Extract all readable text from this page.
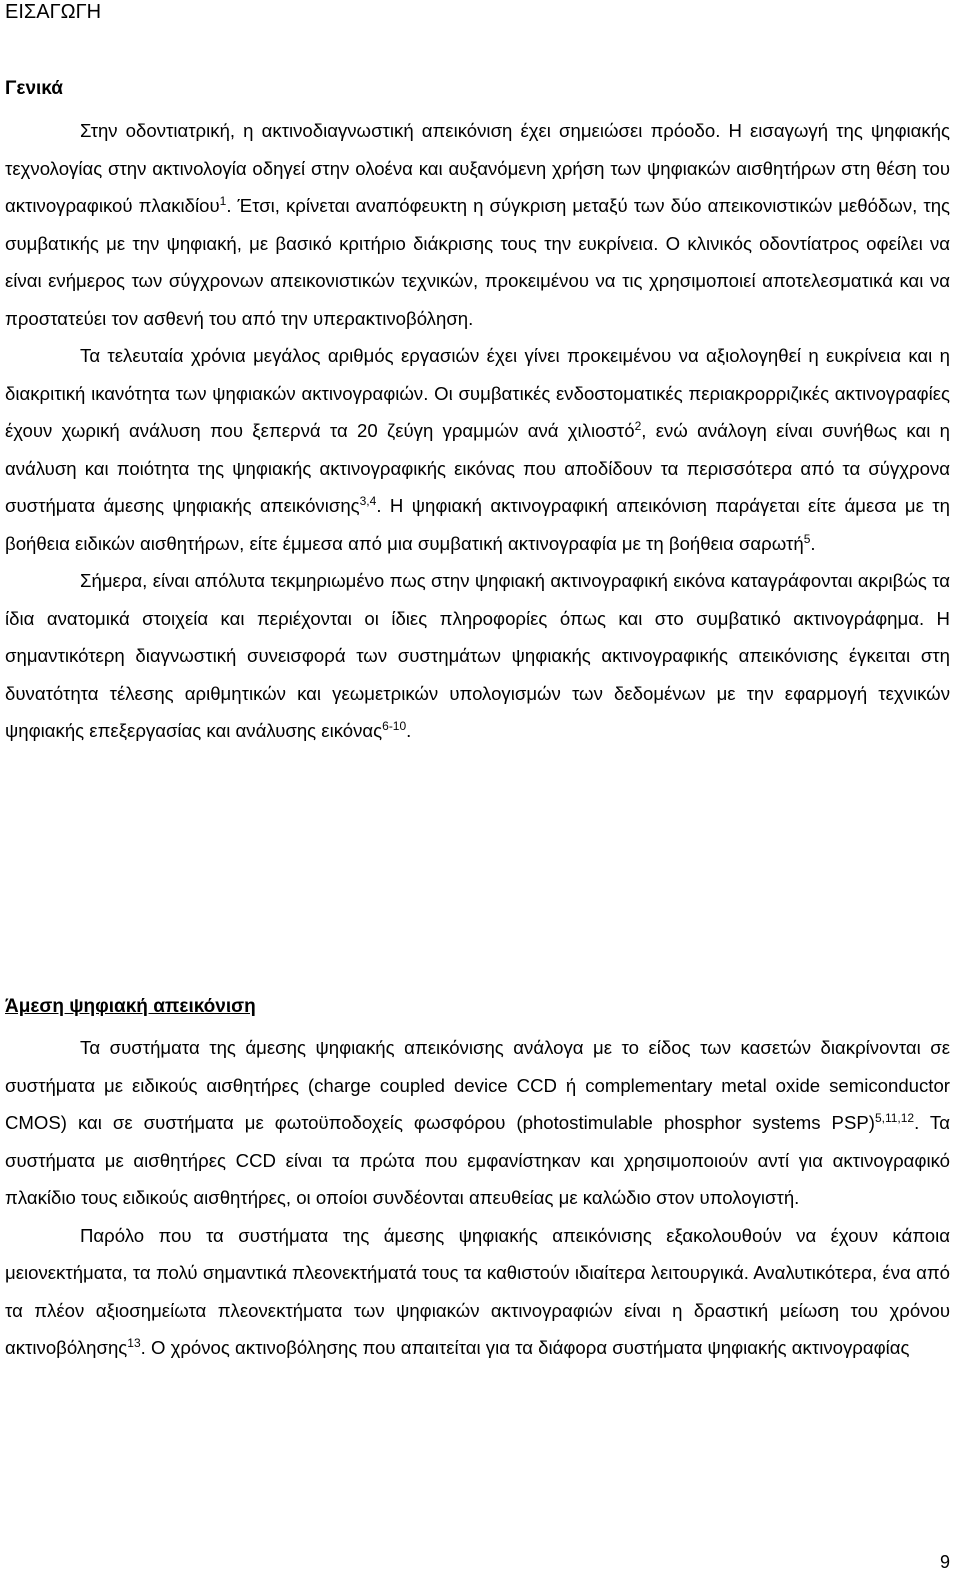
ΕΙΣΑΓΩΓΗ
Γενικά

Στην οδοντιατρική, η ακτινοδιαγνωστική απεικόνιση έχει σημειώσει πρόοδο. Η εισαγωγή της ψηφιακής τεχνολογίας στην ακτινολογία οδηγεί στην ολοένα και αυξανόμενη χρήση των ψηφιακών αισθητήρων στη θέση του ακτινογραφικού πλακιδίου$^1$. Έτσι, κρίνεται αναπόφευκτη η σύγκριση μεταξύ των δύο απεικονιστικών μεθόδων, της συμβατικής με την ψηφιακή, με βασικό κριτήριο διάκρισης τους την ευκρίνεια. Ο κλινικός οδοντίατρος οφείλει να είναι ενήμερος των σύγχρονων απεικονιστικών τεχνικών, προκειμένου να τις χρησιμοποιεί αποτελεσματικά και να προστατεύει τον ασθενή του από την υπερακτινοβόληση.

Τα τελευταία χρόνια μεγάλος αριθμός εργασιών έχει γίνει προκειμένου να αξιολογηθεί η ευκρίνεια και η διακριτική ικανότητα των ψηφιακών ακτινογραφιών. Οι συμβατικές ενδοστοματικές περιακρορριζικές ακτινογραφίες έχουν χωρική ανάλυση που ξεπερνά τα 20 ζεύγη γραμμών ανά χιλιοστό$^2$, ενώ ανάλογη είναι συνήθως και η ανάλυση και ποιότητα της ψηφιακής ακτινογραφικής εικόνας που αποδίδουν τα περισσότερα από τα σύγχρονα συστήματα άμεσης ψηφιακής απεικόνισης$^{3,4}$. Η ψηφιακή ακτινογραφική απεικόνιση παράγεται είτε άμεσα με τη βοήθεια ειδικών αισθητήρων, είτε έμμεσα από μια συμβατική ακτινογραφία με τη βοήθεια σαρωτή$^5$.

Σήμερα, είναι απόλυτα τεκμηριωμένο πως στην ψηφιακή ακτινογραφική εικόνα καταγράφονται ακριβώς τα ίδια ανατομικά στοιχεία και περιέχονται οι ίδιες πληροφορίες όπως και στο συμβατικό ακτινογράφημα. Η σημαντικότερη διαγνωστική συνεισφορά των συστημάτων ψηφιακής ακτινογραφικής απεικόνισης έγκειται στη δυνατότητα τέλεσης αριθμητικών και γεωμετρικών υπολογισμών των δεδομένων με την εφαρμογή τεχνικών ψηφιακής επεξεργασίας και ανάλυσης εικόνας$^{6-10}$.

Άμεση ψηφιακή απεικόνιση

Τα συστήματα της άμεσης ψηφιακής απεικόνισης ανάλογα με το είδος των κασετών διακρίνονται σε συστήματα με ειδικούς αισθητήρες (charge coupled device CCD ή complementary metal oxide semiconductor CMOS) και σε συστήματα με φωτοϋποδοχείς φωσφόρου (photostimulable phosphor systems PSP)$^{5,11,12}$. Τα συστήματα με αισθητήρες CCD είναι τα πρώτα που εμφανίστηκαν και χρησιμοποιούν αντί για ακτινογραφικό πλακίδιο τους ειδικούς αισθητήρες, οι οποίοι συνδέονται απευθείας με καλώδιο στον υπολογιστή.

Παρόλο που τα συστήματα της άμεσης ψηφιακής απεικόνισης εξακολουθούν να έχουν κάποια μειονεκτήματα, τα πολύ σημαντικά πλεονεκτήματά τους τα καθιστούν ιδιαίτερα λειτουργικά. Αναλυτικότερα, ένα από τα πλέον αξιοσημείωτα πλεονεκτήματα των ψηφιακών ακτινογραφιών είναι η δραστική μείωση του χρόνου ακτινοβόλησης$^{13}$. Ο χρόνος ακτινοβόλησης που απαιτείται για τα διάφορα συστήματα ψηφιακής ακτινογραφίας

9
